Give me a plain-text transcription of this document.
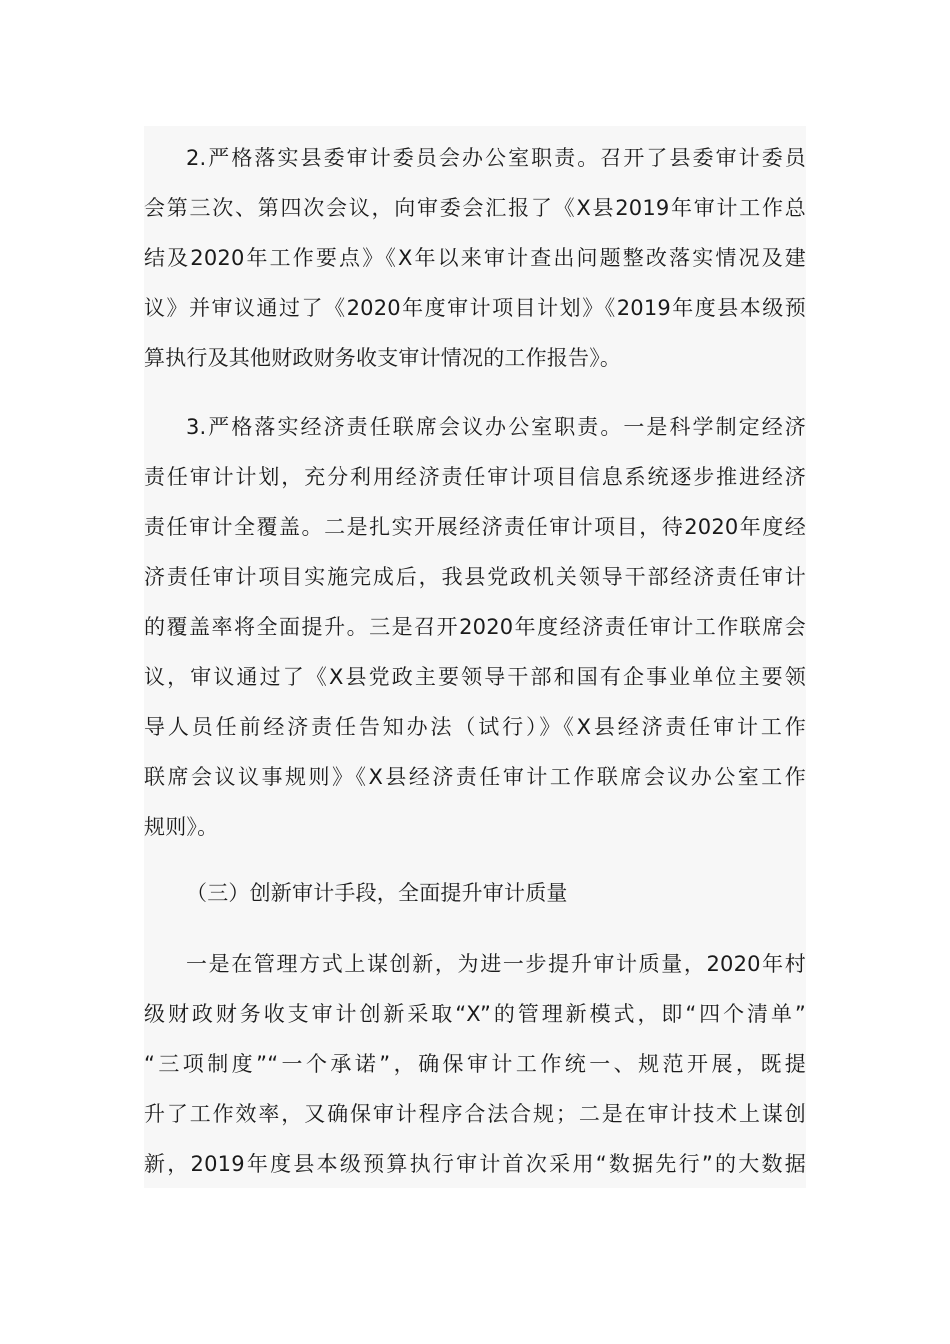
2.严格落实县委审计委员会办公室职责。召开了县委审计委员
会第三次、第四次会议，向审委会汇报了《X县2019年审计工作总
结及2020年工作要点》《X年以来审计查出问题整改落实情况及建
议》并审议通过了《2020年度审计项目计划》《2019年度县本级预
算执行及其他财政财务收支审计情况的工作报告》。
3.严格落实经济责任联席会议办公室职责。一是科学制定经济
责任审计计划，充分利用经济责任审计项目信息系统逐步推进经济
责任审计全覆盖。二是扎实开展经济责任审计项目，待2020年度经
济责任审计项目实施完成后，我县党政机关领导干部经济责任审计
的覆盖率将全面提升。三是召开2020年度经济责任审计工作联席会
议，审议通过了《X县党政主要领导干部和国有企事业单位主要领
导人员任前经济责任告知办法（试行）》《X县经济责任审计工作
联席会议议事规则》《X县经济责任审计工作联席会议办公室工作
规则》。
（三）创新审计手段，全面提升审计质量
一是在管理方式上谋创新，为进一步提升审计质量，2020年村
级财政财务收支审计创新采取“X”的管理新模式，即“四个清单”
“三项制度”“一个承诺”，确保审计工作统一、规范开展，既提
升了工作效率，又确保审计程序合法合规；二是在审计技术上谋创
新，2019年度县本级预算执行审计首次采用“数据先行”的大数据
